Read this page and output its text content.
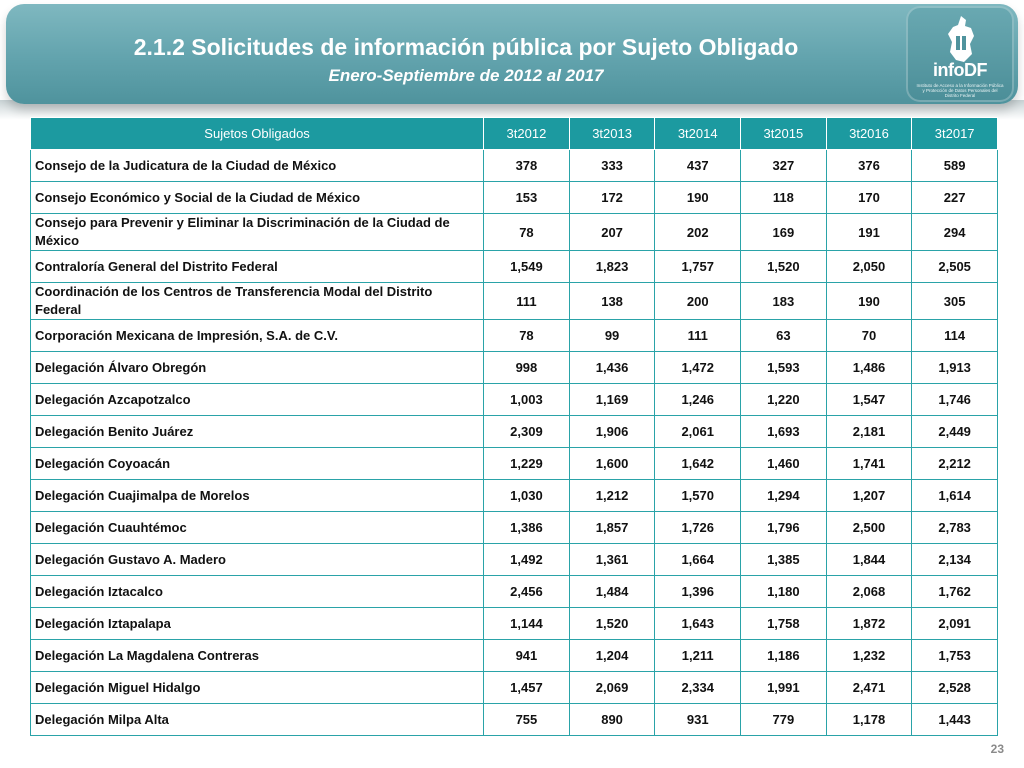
2.1.2 Solicitudes de información pública por Sujeto Obligado
Enero-Septiembre de 2012 al 2017	infoDF
Instituto de Acceso a la Información Pública y Protección de Datos Personales del Distrito Federal
Sujetos Obligados	3t2012	3t2013	3t2014	3t2015	3t2016	3t2017
Consejo de la Judicatura de la Ciudad de México	378	333	437	327	376	589
Consejo Económico y Social de la Ciudad de México	153	172	190	118	170	227
Consejo para Prevenir y Eliminar la Discriminación de la Ciudad de México	78	207	202	169	191	294
Contraloría General del Distrito Federal	1,549	1,823	1,757	1,520	2,050	2,505
Coordinación de los Centros de Transferencia Modal del Distrito Federal	111	138	200	183	190	305
Corporación Mexicana de Impresión, S.A. de C.V.	78	99	111	63	70	114
Delegación Álvaro Obregón	998	1,436	1,472	1,593	1,486	1,913
Delegación Azcapotzalco	1,003	1,169	1,246	1,220	1,547	1,746
Delegación Benito Juárez	2,309	1,906	2,061	1,693	2,181	2,449
Delegación Coyoacán	1,229	1,600	1,642	1,460	1,741	2,212
Delegación Cuajimalpa de Morelos	1,030	1,212	1,570	1,294	1,207	1,614
Delegación Cuauhtémoc	1,386	1,857	1,726	1,796	2,500	2,783
Delegación Gustavo A. Madero	1,492	1,361	1,664	1,385	1,844	2,134
Delegación Iztacalco	2,456	1,484	1,396	1,180	2,068	1,762
Delegación Iztapalapa	1,144	1,520	1,643	1,758	1,872	2,091
Delegación La Magdalena Contreras	941	1,204	1,211	1,186	1,232	1,753
Delegación Miguel Hidalgo	1,457	2,069	2,334	1,991	2,471	2,528
Delegación Milpa Alta	755	890	931	779	1,178	1,443
23
